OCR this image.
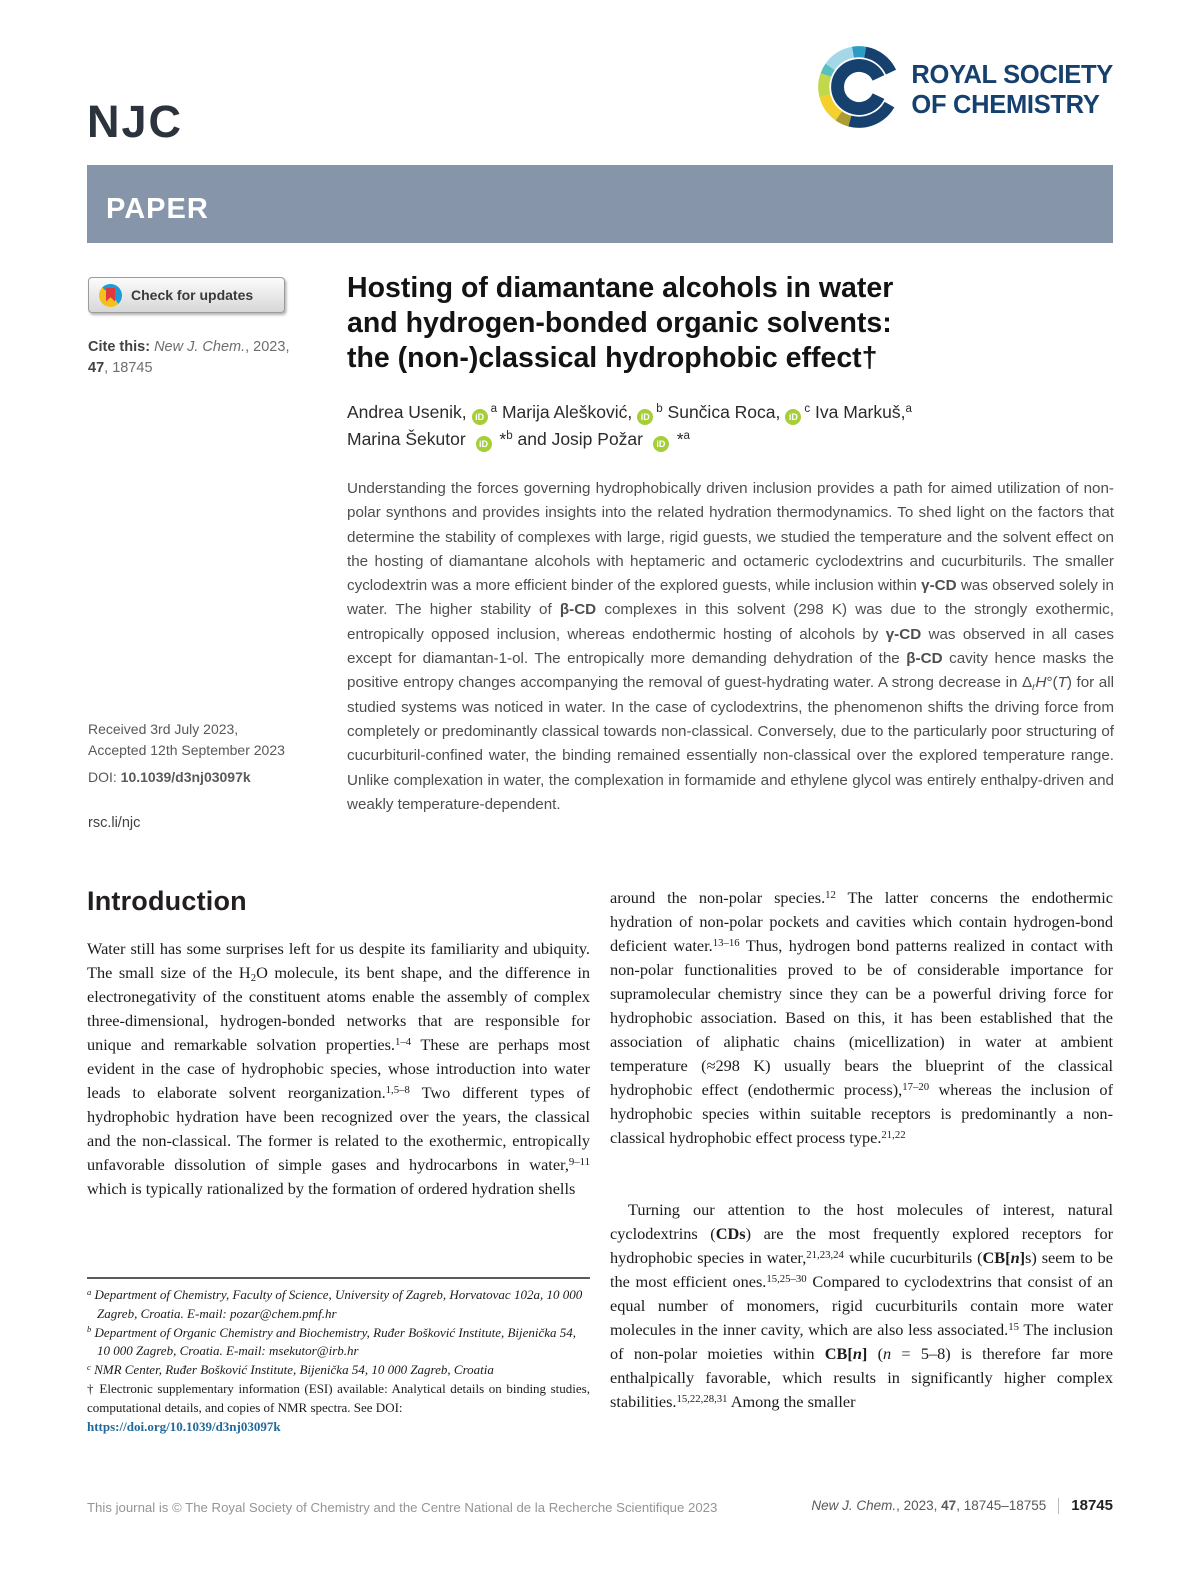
NJC
ROYAL SOCIETY
OF CHEMISTRY
PAPER
Check for updates
Cite this: New J. Chem., 2023,
47, 18745
Received 3rd July 2023,
Accepted 12th September 2023
DOI: 10.1039/d3nj03097k
rsc.li/njc
Hosting of diamantane alcohols in water
and hydrogen-bonded organic solvents:
the (non-)classical hydrophobic effect†
Andrea Usenik, $iD^a$ Marija Alešković, $iD^b$ Sunčica Roca, $iD^c$ Iva Markuš,$^a$
Marina Šekutor iD *$^b$ and Josip Požar iD *$^a$
Understanding the forces governing hydrophobically driven inclusion provides a path for aimed utilization of non-polar synthons and provides insights into the related hydration thermodynamics. To shed light on the factors that determine the stability of complexes with large, rigid guests, we studied the temperature and the solvent effect on the hosting of diamantane alcohols with heptameric and octameric cyclodextrins and cucurbiturils. The smaller cyclodextrin was a more efficient binder of the explored guests, while inclusion within γ-CD was observed solely in water. The higher stability of β-CD complexes in this solvent (298 K) was due to the strongly exothermic, entropically opposed inclusion, whereas endothermic hosting of alcohols by γ-CD was observed in all cases except for diamantan-1-ol. The entropically more demanding dehydration of the β-CD cavity hence masks the positive entropy changes accompanying the removal of guest-hydrating water. A strong decrease in $\Delta_rH^\circ(T)$ for all studied systems was noticed in water. In the case of cyclodextrins, the phenomenon shifts the driving force from completely or predominantly classical towards non-classical. Conversely, due to the particularly poor structuring of cucurbituril-confined water, the binding remained essentially non-classical over the explored temperature range. Unlike complexation in water, the complexation in formamide and ethylene glycol was entirely enthalpy-driven and weakly temperature-dependent.
Introduction
Water still has some surprises left for us despite its familiarity and ubiquity. The small size of the $H_2O$ molecule, its bent shape, and the difference in electronegativity of the constituent atoms enable the assembly of complex three-dimensional, hydrogen-bonded networks that are responsible for unique and remarkable solvation properties.$^{1-4}$ These are perhaps most evident in the case of hydrophobic species, whose introduction into water leads to elaborate solvent reorganization.$^{1,5-8}$ Two different types of hydrophobic hydration have been recognized over the years, the classical and the non-classical. The former is related to the exothermic, entropically unfavorable dissolution of simple gases and hydrocarbons in water,$^{9-11}$ which is typically rationalized by the formation of ordered hydration shells
$^a$ Department of Chemistry, Faculty of Science, University of Zagreb, Horvatovac 102a, 10 000 Zagreb, Croatia. E-mail: pozar@chem.pmf.hr
$^b$ Department of Organic Chemistry and Biochemistry, Ruđer Bošković Institute, Bijenička 54, 10 000 Zagreb, Croatia. E-mail: msekutor@irb.hr
$^c$ NMR Center, Ruđer Bošković Institute, Bijenička 54, 10 000 Zagreb, Croatia
† Electronic supplementary information (ESI) available: Analytical details on binding studies, computational details, and copies of NMR spectra. See DOI:
https://doi.org/10.1039/d3nj03097k
around the non-polar species.$^{12}$ The latter concerns the endothermic hydration of non-polar pockets and cavities which contain hydrogen-bond deficient water.$^{13-16}$ Thus, hydrogen bond patterns realized in contact with non-polar functionalities proved to be of considerable importance for supramolecular chemistry since they can be a powerful driving force for hydrophobic association. Based on this, it has been established that the association of aliphatic chains (micellization) in water at ambient temperature (≈298 K) usually bears the blueprint of the classical hydrophobic effect (endothermic process),$^{17-20}$ whereas the inclusion of hydrophobic species within suitable receptors is predominantly a non-classical hydrophobic effect process type.$^{21,22}$
Turning our attention to the host molecules of interest, natural cyclodextrins (CDs) are the most frequently explored receptors for hydrophobic species in water,$^{21,23,24}$ while cucurbiturils (CB[n]s) seem to be the most efficient ones.$^{15,25-30}$ Compared to cyclodextrins that consist of an equal number of monomers, rigid cucurbiturils contain more water molecules in the inner cavity, which are also less associated.$^{15}$ The inclusion of non-polar moieties within CB[n] (n = 5–8) is therefore far more enthalpically favorable, which results in significantly higher complex stabilities.$^{15,22,28,31}$ Among the smaller
This journal is © The Royal Society of Chemistry and the Centre National de la Recherche Scientifique 2023	New J. Chem., 2023, 47, 18745–18755 18745
